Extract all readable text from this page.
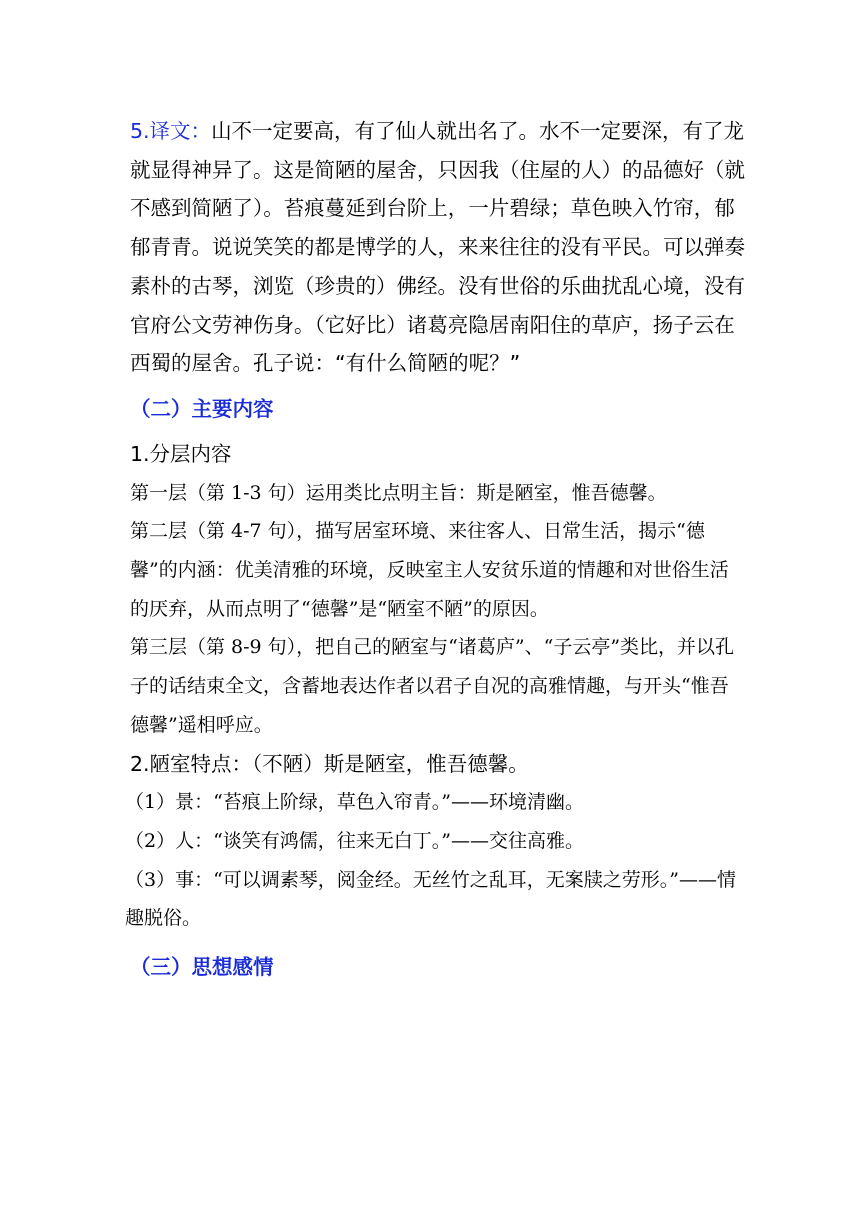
5.译文：山不一定要高，有了仙人就出名了。水不一定要深，有了龙就显得神异了。这是简陋的屋舍，只因我（住屋的人）的品德好（就不感到简陋了）。苔痕蔓延到台阶上，一片碧绿；草色映入竹帘，郁郁青青。说说笑笑的都是博学的人，来来往往的没有平民。可以弹奏素朴的古琴，浏览（珍贵的）佛经。没有世俗的乐曲扰乱心境，没有官府公文劳神伤身。（它好比）诸葛亮隐居南阳住的草庐，扬子云在西蜀的屋舍。孔子说：“有什么简陋的呢？”

（二）主要内容

1.分层内容

第一层（第 1-3 句）运用类比点明主旨：斯是陋室，惟吾德馨。

第二层（第 4-7 句），描写居室环境、来往客人、日常生活，揭示“德馨”的内涵：优美清雅的环境，反映室主人安贫乐道的情趣和对世俗生活的厌弃，从而点明了“德馨”是“陋室不陋”的原因。

第三层（第 8-9 句），把自己的陋室与“诸葛庐”、“子云亭”类比，并以孔子的话结束全文，含蓄地表达作者以君子自况的高雅情趣，与开头“惟吾德馨”遥相呼应。

2.陋室特点：（不陋）斯是陋室，惟吾德馨。

（1）景：“苔痕上阶绿，草色入帘青。”——环境清幽。

（2）人：“谈笑有鸿儒，往来无白丁。”——交往高雅。

（3）事：“可以调素琴，阅金经。无丝竹之乱耳，无案牍之劳形。”——情趣脱俗。

（三）思想感情
